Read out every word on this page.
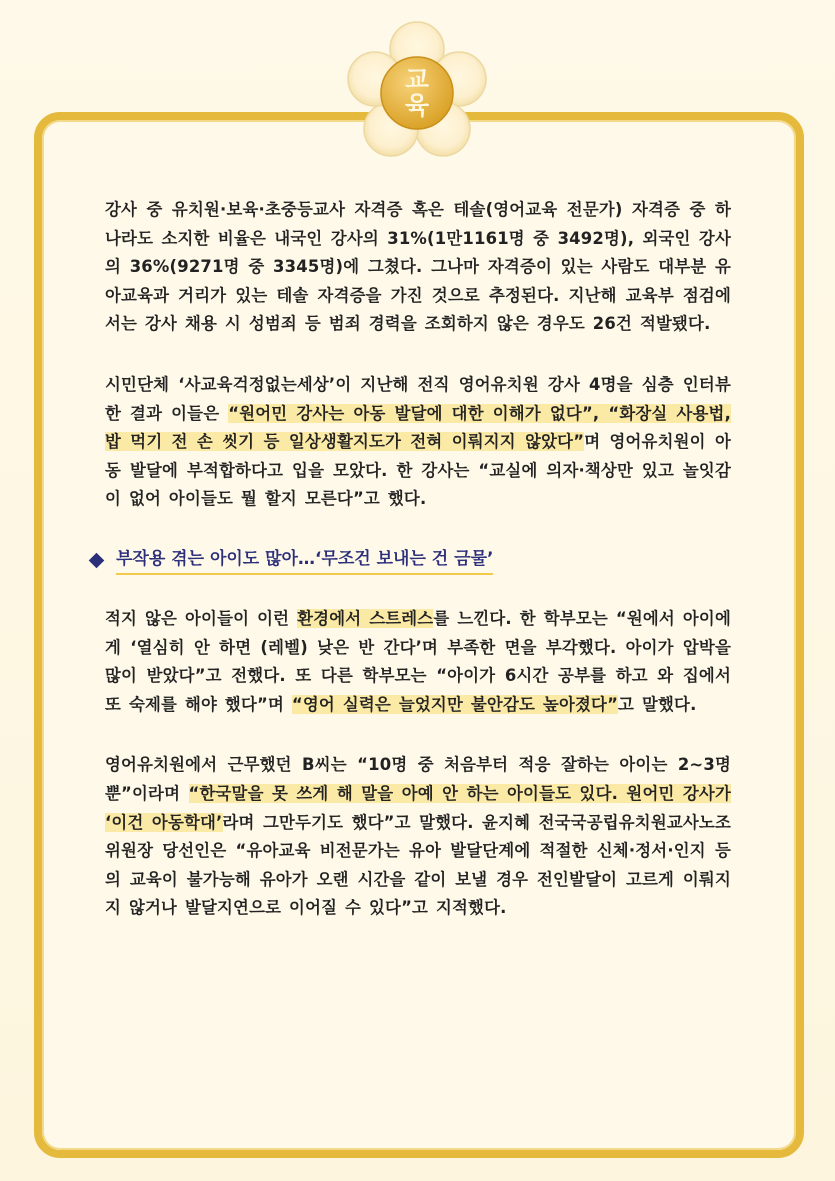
교
육

강사 중 유치원·보육·초중등교사 자격증 혹은 테솔(영어교육 전문가) 자격증 중 하나라도 소지한 비율은 내국인 강사의 31%(1만1161명 중 3492명), 외국인 강사의 36%(9271명 중 3345명)에 그쳤다. 그나마 자격증이 있는 사람도 대부분 유아교육과 거리가 있는 테솔 자격증을 가진 것으로 추정된다. 지난해 교육부 점검에서는 강사 채용 시 성범죄 등 범죄 경력을 조회하지 않은 경우도 26건 적발됐다.

시민단체 ‘사교육걱정없는세상’이 지난해 전직 영어유치원 강사 4명을 심층 인터뷰한 결과 이들은 “원어민 강사는 아동 발달에 대한 이해가 없다”, “화장실 사용법, 밥 먹기 전 손 씻기 등 일상생활지도가 전혀 이뤄지지 않았다”며 영어유치원이 아동 발달에 부적합하다고 입을 모았다. 한 강사는 “교실에 의자·책상만 있고 놀잇감이 없어 아이들도 뭘 할지 모른다”고 했다.

부작용 겪는 아이도 많아…‘무조건 보내는 건 금물’

적지 않은 아이들이 이런 환경에서 스트레스를 느낀다. 한 학부모는 “원에서 아이에게 ‘열심히 안 하면 (레벨) 낮은 반 간다’며 부족한 면을 부각했다. 아이가 압박을 많이 받았다”고 전했다. 또 다른 학부모는 “아이가 6시간 공부를 하고 와 집에서 또 숙제를 해야 했다”며 “영어 실력은 늘었지만 불안감도 높아졌다”고 말했다.

영어유치원에서 근무했던 B씨는 “10명 중 처음부터 적응 잘하는 아이는 2∼3명뿐”이라며 “한국말을 못 쓰게 해 말을 아예 안 하는 아이들도 있다. 원어민 강사가 ‘이건 아동학대’라며 그만두기도 했다”고 말했다. 윤지혜 전국국공립유치원교사노조 위원장 당선인은 “유아교육 비전문가는 유아 발달단계에 적절한 신체·정서·인지 등의 교육이 불가능해 유아가 오랜 시간을 같이 보낼 경우 전인발달이 고르게 이뤄지지 않거나 발달지연으로 이어질 수 있다”고 지적했다.
